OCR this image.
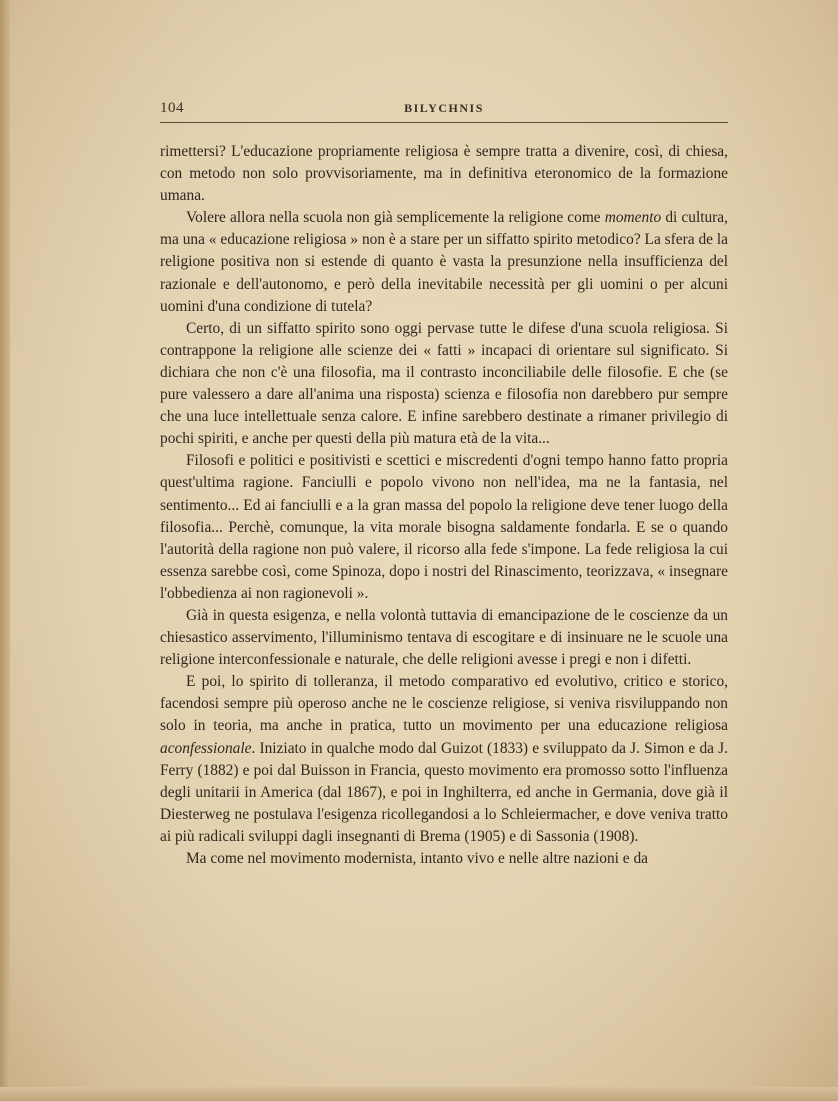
104	BILYCHNIS

rimettersi? L'educazione propriamente religiosa è sempre tratta a divenire, così, di chiesa, con metodo non solo provvisoriamente, ma in definitiva eteronomico de la formazione umana.

Volere allora nella scuola non già semplicemente la religione come momento di cultura, ma una « educazione religiosa » non è a stare per un siffatto spirito metodico? La sfera de la religione positiva non si estende di quanto è vasta la presunzione nella insufficienza del razionale e dell'autonomo, e però della inevitabile necessità per gli uomini o per alcuni uomini d'una condizione di tutela?

Certo, di un siffatto spirito sono oggi pervase tutte le difese d'una scuola religiosa. Si contrappone la religione alle scienze dei « fatti » incapaci di orientare sul significato. Si dichiara che non c'è una filosofia, ma il contrasto inconciliabile delle filosofie. E che (se pure valessero a dare all'anima una risposta) scienza e filosofia non darebbero pur sempre che una luce intellettuale senza calore. E infine sarebbero destinate a rimaner privilegio di pochi spiriti, e anche per questi della più matura età de la vita...

Filosofi e politici e positivisti e scettici e miscredenti d'ogni tempo hanno fatto propria quest'ultima ragione. Fanciulli e popolo vivono non nell'idea, ma ne la fantasia, nel sentimento... Ed ai fanciulli e a la gran massa del popolo la religione deve tener luogo della filosofia... Perchè, comunque, la vita morale bisogna saldamente fondarla. E se o quando l'autorità della ragione non può valere, il ricorso alla fede s'impone. La fede religiosa la cui essenza sarebbe così, come Spinoza, dopo i nostri del Rinascimento, teorizzava, « insegnare l'obbedienza ai non ragionevoli ».

Già in questa esigenza, e nella volontà tuttavia di emancipazione de le coscienze da un chiesastico asservimento, l'illuminismo tentava di escogitare e di insinuare ne le scuole una religione interconfessionale e naturale, che delle religioni avesse i pregi e non i difetti.

E poi, lo spirito di tolleranza, il metodo comparativo ed evolutivo, critico e storico, facendosi sempre più operoso anche ne le coscienze religiose, si veniva risviluppando non solo in teoria, ma anche in pratica, tutto un movimento per una educazione religiosa aconfessionale. Iniziato in qualche modo dal Guizot (1833) e sviluppato da J. Simon e da J. Ferry (1882) e poi dal Buisson in Francia, questo movimento era promosso sotto l'influenza degli unitarii in America (dal 1867), e poi in Inghilterra, ed anche in Germania, dove già il Diesterweg ne postulava l'esigenza ricollegandosi a lo Schleiermacher, e dove veniva tratto ai più radicali sviluppi dagli insegnanti di Brema (1905) e di Sassonia (1908).

Ma come nel movimento modernista, intanto vivo e nelle altre nazioni e da
